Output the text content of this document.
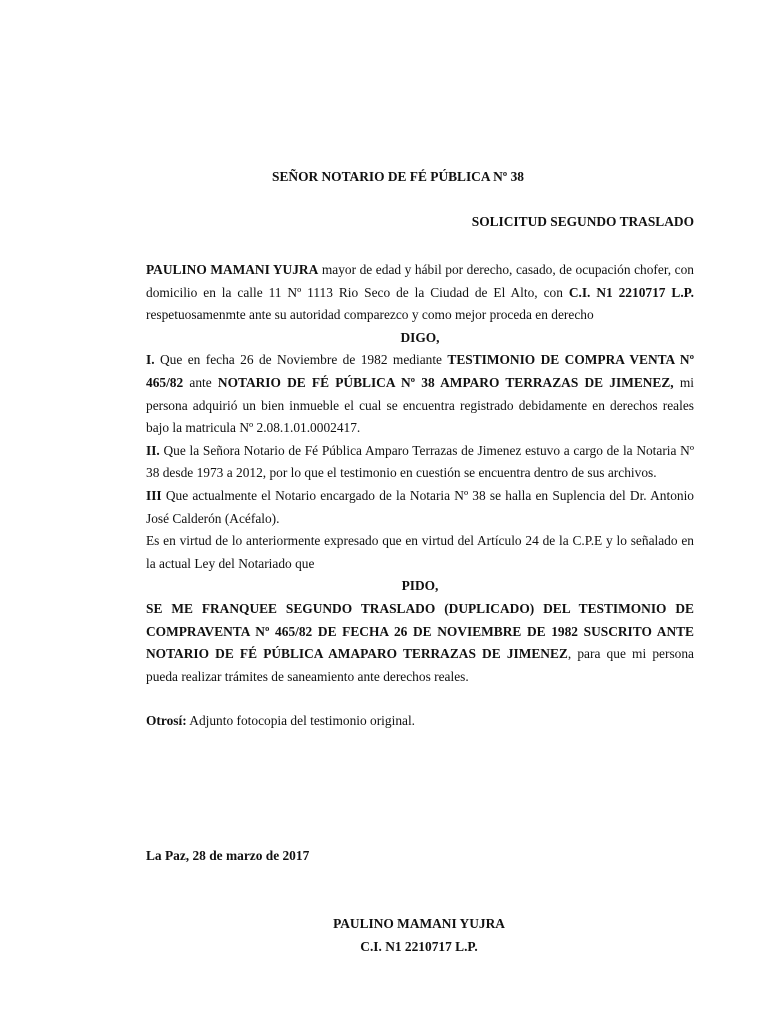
SEÑOR NOTARIO DE FÉ PÚBLICA Nº 38
SOLICITUD SEGUNDO TRASLADO

PAULINO MAMANI YUJRA mayor de edad y hábil por derecho, casado, de ocupación chofer, con domicilio en la calle 11 Nº 1113 Rio Seco de la Ciudad de El Alto, con C.I. N1 2210717 L.P. respetuosamenmte ante su autoridad comparezco y como mejor proceda en derecho

DIGO,

I. Que en fecha 26 de Noviembre de 1982 mediante TESTIMONIO DE COMPRA VENTA Nº 465/82 ante NOTARIO DE FÉ PÚBLICA Nº 38 AMPARO TERRAZAS DE JIMENEZ, mi persona adquirió un bien inmueble el cual se encuentra registrado debidamente en derechos reales bajo la matricula Nº 2.08.1.01.0002417.

II. Que la Señora Notario de Fé Pública Amparo Terrazas de Jimenez estuvo a cargo de la Notaria Nº 38 desde 1973 a 2012, por lo que el testimonio en cuestión se encuentra dentro de sus archivos.

III Que actualmente el Notario encargado de la Notaria Nº 38 se halla en Suplencia del Dr. Antonio José Calderón (Acéfalo).

Es en virtud de lo anteriormente expresado que en virtud del Artículo 24 de la C.P.E y lo señalado en la actual Ley del Notariado que

PIDO,

SE ME FRANQUEE SEGUNDO TRASLADO (DUPLICADO) DEL TESTIMONIO DE COMPRAVENTA Nº 465/82 DE FECHA 26 DE NOVIEMBRE DE 1982 SUSCRITO ANTE NOTARIO DE FÉ PÚBLICA AMAPARO TERRAZAS DE JIMENEZ, para que mi persona pueda realizar trámites de saneamiento ante derechos reales.

Otrosí: Adjunto fotocopia del testimonio original.

La Paz, 28 de marzo de 2017
PAULINO MAMANI YUJRA
C.I. N1 2210717 L.P.
